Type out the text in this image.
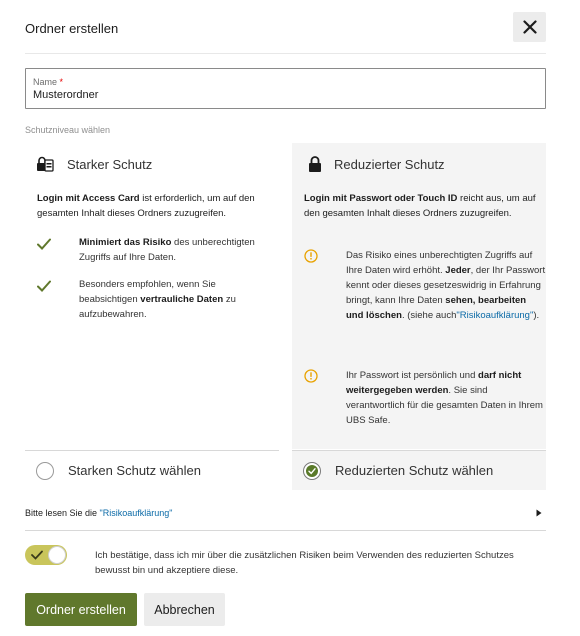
Ordner erstellen
Name *
Musterordner
Schutzniveau wählen
Starker Schutz
Login mit Access Card ist erforderlich, um auf den gesamten Inhalt dieses Ordners zuzugreifen.
Minimiert das Risiko des unberechtigten Zugriffs auf Ihre Daten.
Besonders empfohlen, wenn Sie beabsichtigen vertrauliche Daten zu aufzubewahren.
Reduzierter Schutz
Login mit Passwort oder Touch ID reicht aus, um auf den gesamten Inhalt dieses Ordners zuzugreifen.
Das Risiko eines unberechtigten Zugriffs auf Ihre Daten wird erhöht. Jeder, der Ihr Passwort kennt oder dieses gesetzeswidrig in Erfahrung bringt, kann Ihre Daten sehen, bearbeiten und löschen. (siehe auch"Risikoaufklärung").
Ihr Passwort ist persönlich und darf nicht weitergegeben werden. Sie sind verantwortlich für die gesamten Daten in Ihrem UBS Safe.
Starken Schutz wählen	Reduzierten Schutz wählen
Bitte lesen Sie die "Risikoaufklärung"
Ich bestätige, dass ich mir über die zusätzlichen Risiken beim Verwenden des reduzierten Schutzes bewusst bin und akzeptiere diese.
Ordner erstellen	Abbrechen
